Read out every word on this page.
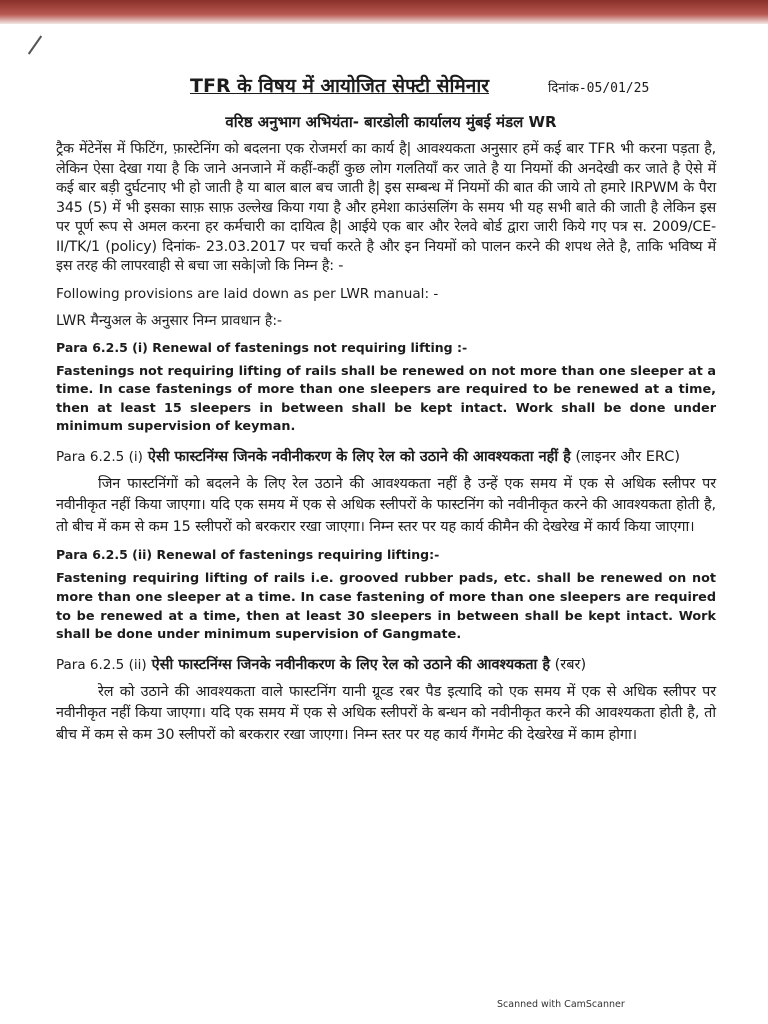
TFR के विषय में आयोजित सेफ्टी सेमिनार	दिनांक-05/01/25
वरिष्ठ अनुभाग अभियंता- बारडोली कार्यालय मुंबई मंडल WR

ट्रैक मेंटेनेंस में फिटिंग, फ़ास्टेनिंग को बदलना एक रोजमर्रा का कार्य है| आवश्यकता अनुसार हमें कई बार TFR भी करना पड़ता है, लेकिन ऐसा देखा गया है कि जाने अनजाने में कहीं-कहीं कुछ लोग गलतियाँ कर जाते है या नियमों की अनदेखी कर जाते है ऐसे में कई बार बड़ी दुर्घटनाए भी हो जाती है या बाल बाल बच जाती है| इस सम्बन्ध में नियमों की बात की जाये तो हमारे IRPWM के पैरा 345 (5) में भी इसका साफ़ साफ़ उल्लेख किया गया है और हमेशा काउंसलिंग के समय भी यह सभी बाते की जाती है लेकिन इस पर पूर्ण रूप से अमल करना हर कर्मचारी का दायित्व है| आईये एक बार और रेलवे बोर्ड द्वारा जारी किये गए पत्र स. 2009/CE-II/TK/1 (policy) दिनांक- 23.03.2017 पर चर्चा करते है और इन नियमों को पालन करने की शपथ लेते है, ताकि भविष्य में इस तरह की लापरवाही से बचा जा सके|जो कि निम्न है: -

Following provisions are laid down as per LWR manual: -

LWR मैन्युअल के अनुसार निम्न प्रावधान है:-

Para 6.2.5 (i) Renewal of fastenings not requiring lifting :-

Fastenings not requiring lifting of rails shall be renewed on not more than one sleeper at a time. In case fastenings of more than one sleepers are required to be renewed at a time, then at least 15 sleepers in between shall be kept intact. Work shall be done under minimum supervision of keyman.

Para 6.2.5 (i) ऐसी फास्टनिंग्स जिनके नवीनीकरण के लिए रेल को उठाने की आवश्यकता नहीं है (लाइनर और ERC)

जिन फास्टनिंगों को बदलने के लिए रेल उठाने की आवश्यकता नहीं है उन्हें एक समय में एक से अधिक स्लीपर पर नवीनीकृत नहीं किया जाएगा। यदि एक समय में एक से अधिक स्लीपरों के फास्टनिंग को नवीनीकृत करने की आवश्यकता होती है, तो बीच में कम से कम 15 स्लीपरों को बरकरार रखा जाएगा। निम्न स्तर पर यह कार्य कीमैन की देखरेख में कार्य किया जाएगा।

Para 6.2.5 (ii) Renewal of fastenings requiring lifting:-

Fastening requiring lifting of rails i.e. grooved rubber pads, etc. shall be renewed on not more than one sleeper at a time. In case fastening of more than one sleepers are required to be renewed at a time, then at least 30 sleepers in between shall be kept intact. Work shall be done under minimum supervision of Gangmate.

Para 6.2.5 (ii) ऐसी फास्टनिंग्स जिनके नवीनीकरण के लिए रेल को उठाने की आवश्यकता है (रबर)

रेल को उठाने की आवश्यकता वाले फास्टनिंग यानी ग्रूव्ड रबर पैड इत्यादि को एक समय में एक से अधिक स्लीपर पर नवीनीकृत नहीं किया जाएगा। यदि एक समय में एक से अधिक स्लीपरों के बन्धन को नवीनीकृत करने की आवश्यकता होती है, तो बीच में कम से कम 30 स्लीपरों को बरकरार रखा जाएगा। निम्न स्तर पर यह कार्य गैंगमेट की देखरेख में काम होगा।

Scanned with CamScanner
